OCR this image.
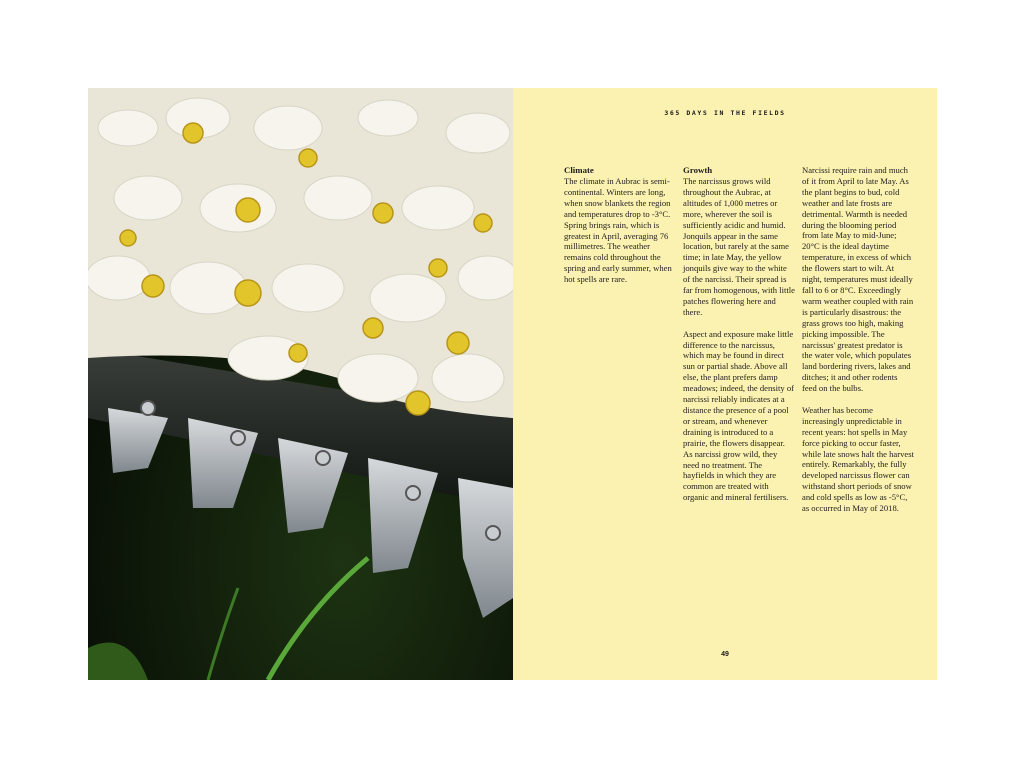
365 DAYS IN THE FIELDS
Climate

The climate in Aubrac is semi-continental. Winters are long, when snow blankets the region and temperatures drop to -3°C. Spring brings rain, which is greatest in April, averaging 76 millimetres. The weather remains cold throughout the spring and early summer, when hot spells are rare.

Growth

The narcissus grows wild throughout the Aubrac, at altitudes of 1,000 metres or more, wherever the soil is sufficiently acidic and humid. Jonquils appear in the same location, but rarely at the same time; in late May, the yellow jonquils give way to the white of the narcissi. Their spread is far from homogenous, with little patches flowering here and there.

Aspect and exposure make little difference to the narcissus, which may be found in direct sun or partial shade. Above all else, the plant prefers damp meadows; indeed, the density of narcissi reliably indicates at a distance the presence of a pool or stream, and whenever draining is introduced to a prairie, the flowers disappear. As narcissi grow wild, they need no treatment. The hayfields in which they are common are treated with organic and mineral fertilisers.

Narcissi require rain and much of it from April to late May. As the plant begins to bud, cold weather and late frosts are detrimental. Warmth is needed during the blooming period from late May to mid-June; 20°C is the ideal daytime temperature, in excess of which the flowers start to wilt. At night, temperatures must ideally fall to 6 or 8°C. Exceedingly warm weather coupled with rain is particularly disastrous: the grass grows too high, making picking impossible. The narcissus' greatest predator is the water vole, which populates land bordering rivers, lakes and ditches; it and other rodents feed on the bulbs.

Weather has become increasingly unpredictable in recent years: hot spells in May force picking to occur faster, while late snows halt the harvest entirely. Remarkably, the fully developed narcissus flower can withstand short periods of snow and cold spells as low as -5°C, as occurred in May of 2018.

49
